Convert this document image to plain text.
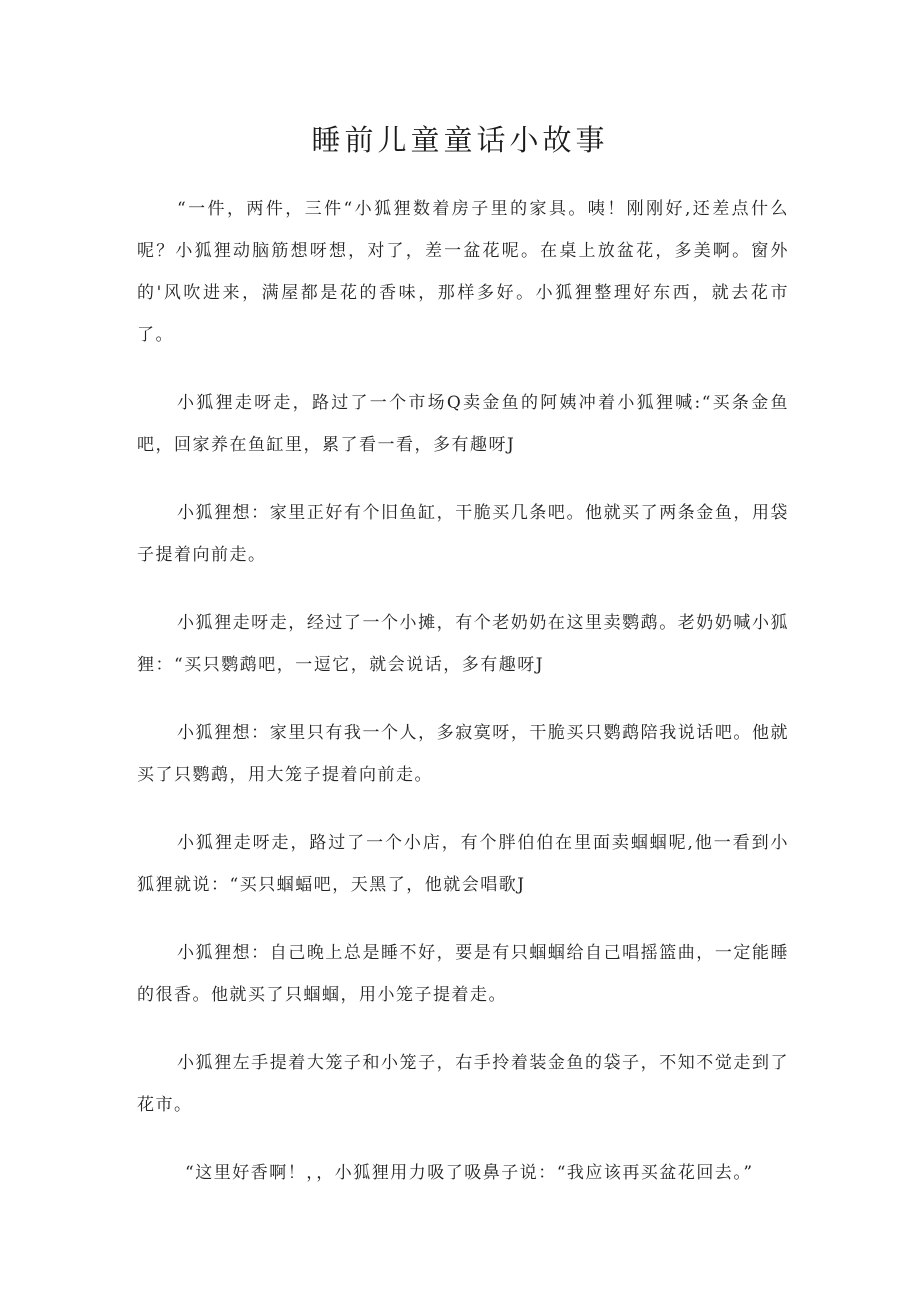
睡前儿童童话小故事

“一件，两件，三件“小狐狸数着房子里的家具。咦！刚刚好,还差点什么呢？小狐狸动脑筋想呀想，对了，差一盆花呢。在桌上放盆花，多美啊。窗外的'风吹进来，满屋都是花的香味，那样多好。小狐狸整理好东西，就去花市了。

小狐狸走呀走，路过了一个市场Q卖金鱼的阿姨冲着小狐狸喊:“买条金鱼吧，回家养在鱼缸里，累了看一看，多有趣呀J

小狐狸想：家里正好有个旧鱼缸，干脆买几条吧。他就买了两条金鱼，用袋子提着向前走。

小狐狸走呀走，经过了一个小摊，有个老奶奶在这里卖鹦鹉。老奶奶喊小狐狸：“买只鹦鹉吧，一逗它，就会说话，多有趣呀J

小狐狸想：家里只有我一个人，多寂寞呀，干脆买只鹦鹉陪我说话吧。他就买了只鹦鹉，用大笼子提着向前走。

小狐狸走呀走，路过了一个小店，有个胖伯伯在里面卖蝈蝈呢,他一看到小狐狸就说：“买只蝈蝠吧，天黑了，他就会唱歌J

小狐狸想：自己晚上总是睡不好，要是有只蝈蝈给自己唱摇篮曲，一定能睡的很香。他就买了只蝈蝈，用小笼子提着走。

小狐狸左手提着大笼子和小笼子，右手拎着装金鱼的袋子，不知不觉走到了花市。

“这里好香啊！，，小狐狸用力吸了吸鼻子说：“我应该再买盆花回去。”
